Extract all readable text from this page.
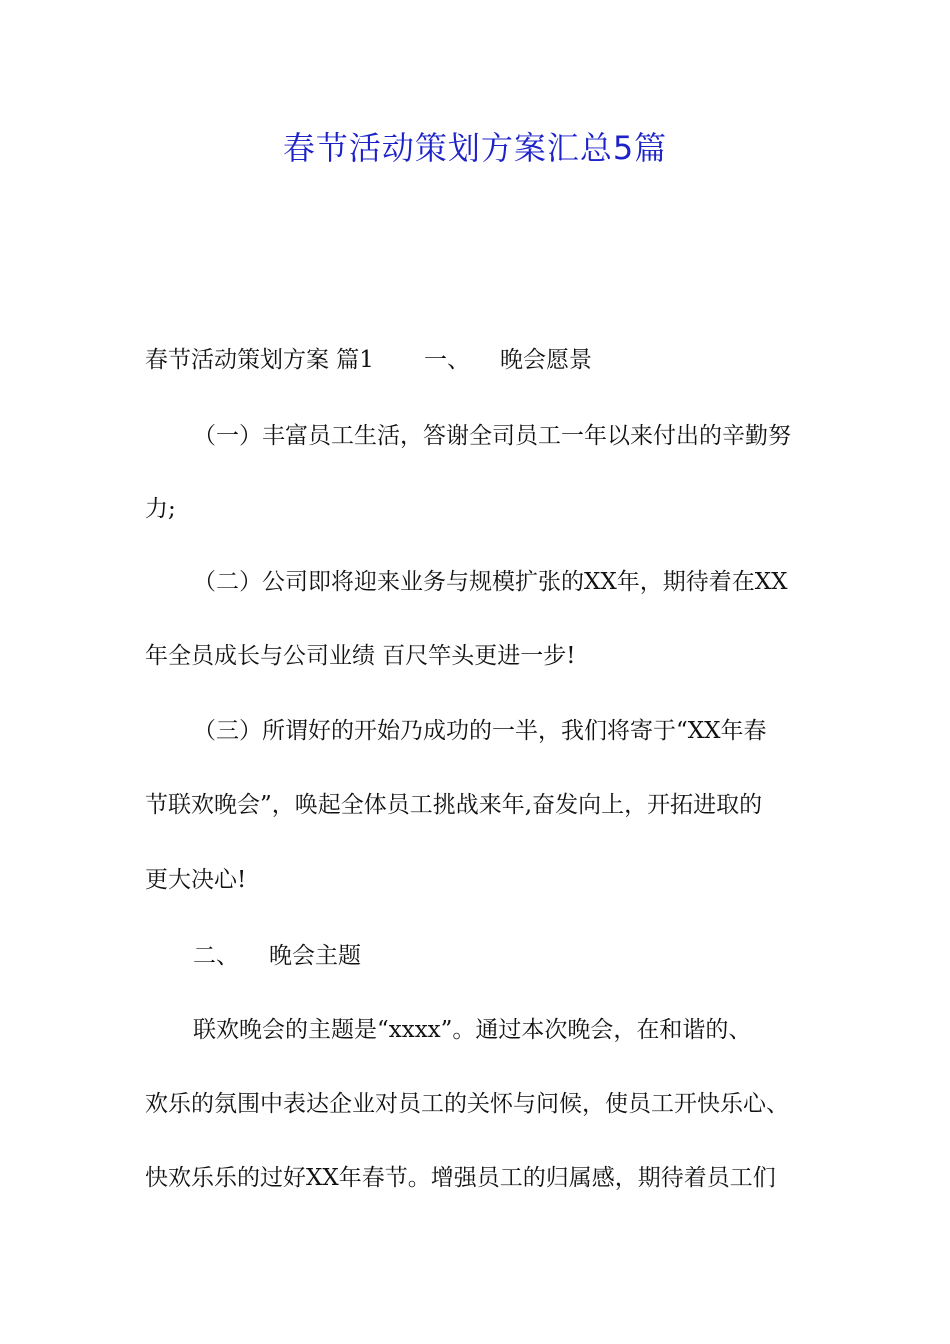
春节活动策划方案汇总5篇

春节活动策划方案 篇1 一、 晚会愿景

（一）丰富员工生活，答谢全司员工一年以来付出的辛勤努

力;

（二）公司即将迎来业务与规模扩张的XX年，期待着在XX

年全员成长与公司业绩 百尺竿头更进一步!

（三）所谓好的开始乃成功的一半，我们将寄于“XX年春

节联欢晚会”，唤起全体员工挑战来年,奋发向上，开拓进取的

更大决心!

二、 晚会主题

联欢晚会的主题是“xxxx”。通过本次晚会，在和谐的、

欢乐的氛围中表达企业对员工的关怀与问候，使员工开快乐心、

快欢乐乐的过好XX年春节。增强员工的归属感，期待着员工们
